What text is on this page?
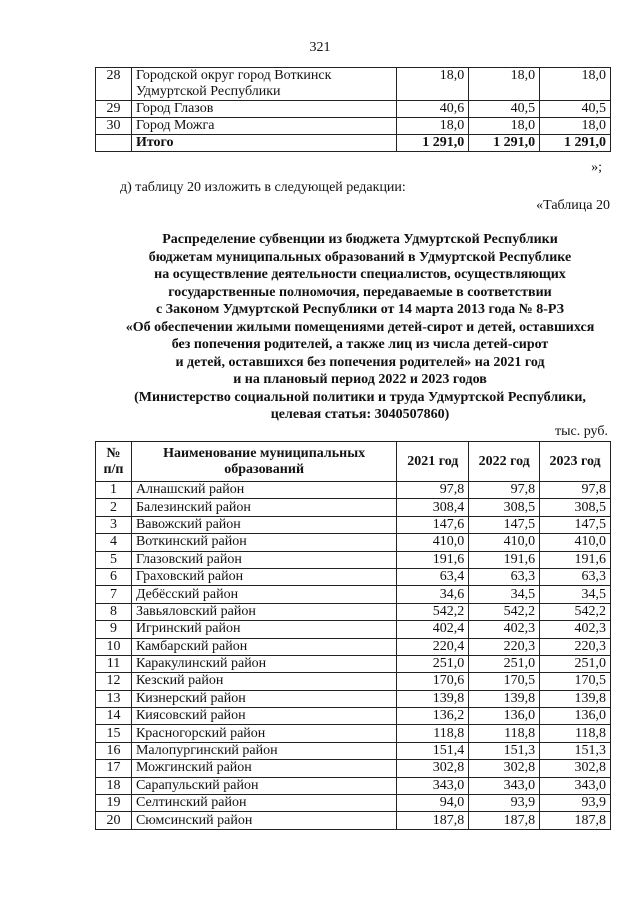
321
28	Городской округ город Воткинск Удмуртской Республики	18,0	18,0	18,0
29	Город Глазов	40,6	40,5	40,5
30	Город Можга	18,0	18,0	18,0
	Итого	1 291,0	1 291,0	1 291,0
»;
д) таблицу 20 изложить в следующей редакции:
«Таблица 20
Распределение субвенции из бюджета Удмуртской Республики
бюджетам муниципальных образований в Удмуртской Республике
на осуществление деятельности специалистов, осуществляющих
государственные полномочия, передаваемые в соответствии
с Законом Удмуртской Республики от 14 марта 2013 года № 8-РЗ
«Об обеспечении жилыми помещениями детей-сирот и детей, оставшихся
без попечения родителей, а также лиц из числа детей-сирот
и детей, оставшихся без попечения родителей» на 2021 год
и на плановый период 2022 и 2023 годов
(Министерство социальной политики и труда Удмуртской Республики,
целевая статья: 3040507860)
тыс. руб.
№ п/п	Наименование муниципальных образований	2021 год	2022 год	2023 год
1	Алнашский район	97,8	97,8	97,8
2	Балезинский район	308,4	308,5	308,5
3	Вавожский район	147,6	147,5	147,5
4	Воткинский район	410,0	410,0	410,0
5	Глазовский район	191,6	191,6	191,6
6	Граховский район	63,4	63,3	63,3
7	Дебёсский район	34,6	34,5	34,5
8	Завьяловский район	542,2	542,2	542,2
9	Игринский район	402,4	402,3	402,3
10	Камбарский район	220,4	220,3	220,3
11	Каракулинский район	251,0	251,0	251,0
12	Кезский район	170,6	170,5	170,5
13	Кизнерский район	139,8	139,8	139,8
14	Киясовский район	136,2	136,0	136,0
15	Красногорский район	118,8	118,8	118,8
16	Малопургинский район	151,4	151,3	151,3
17	Можгинский район	302,8	302,8	302,8
18	Сарапульский район	343,0	343,0	343,0
19	Селтинский район	94,0	93,9	93,9
20	Сюмсинский район	187,8	187,8	187,8
